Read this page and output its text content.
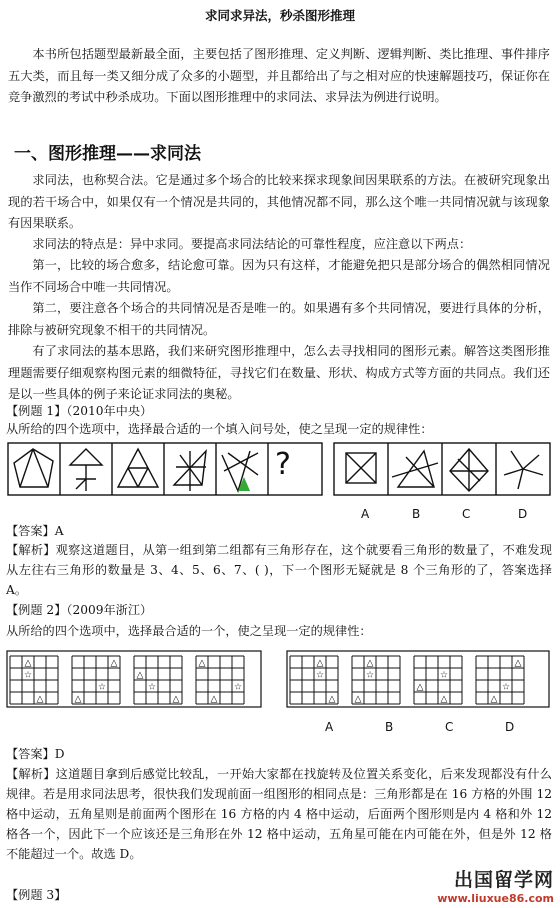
求同求异法，秒杀图形推理

本书所包括题型最新最全面，主要包括了图形推理、定义判断、逻辑判断、类比推理、事件排序五大类，而且每一类又细分成了众多的小题型，并且都给出了与之相对应的快速解题技巧，保证你在竞争激烈的考试中秒杀成功。下面以图形推理中的求同法、求异法为例进行说明。

一、图形推理——求同法

求同法，也称契合法。它是通过多个场合的比较来探求现象间因果联系的方法。在被研究现象出现的若干场合中，如果仅有一个情况是共同的，其他情况都不同，那么这个唯一共同情况就与该现象有因果联系。

求同法的特点是：异中求同。要提高求同法结论的可靠性程度，应注意以下两点：

第一，比较的场合愈多，结论愈可靠。因为只有这样，才能避免把只是部分场合的偶然相同情况当作不同场合中唯一共同情况。

第二，要注意各个场合的共同情况是否是唯一的。如果遇有多个共同情况，要进行具体的分析，排除与被研究现象不相干的共同情况。

有了求同法的基本思路，我们来研究图形推理中，怎么去寻找相同的图形元素。解答这类图形推理题需要仔细观察构图元素的细微特征，寻找它们在数量、形状、构成方式等方面的共同点。我们还是以一些具体的例子来论证求同法的奥秘。

【例题 1】（2010年中央）
从所给的四个选项中，选择最合适的一个填入问号处，使之呈现一定的规律性：
?
A	B	C	D
【答案】A
【解析】观察这道题目，从第一组到第二组都有三角形存在，这个就要看三角形的数量了，不难发现从左往右三角形的数量是 3、4、5、6、7、( )，下一个图形无疑就是 8 个三角形的了，答案选择 A。
【例题 2】（2009年浙江）
从所给的四个选项中，选择最合适的一个，使之呈现一定的规律性：
△
☆
△
△
☆
△
△
☆
△
△
☆
△
△
☆
△
△
☆
△
△
☆
△
△
☆
△
A	B	C	D
【答案】D
【解析】这道题目拿到后感觉比较乱，一开始大家都在找旋转及位置关系变化，后来发现都没有什么规律。若是用求同法思考，很快我们发现前面一组图形的相同点是：三角形都是在 16 方格的外围 12 格中运动，五角星则是前面两个图形在 16 方格的内 4 格中运动，后面两个图形则是内 4 格和外 12 格各一个，因此下一个应该还是三角形在外 12 格中运动，五角星可能在内可能在外，但是外 12 格不能超过一个。故选 D。
【例题 3】
出国留学网
www.liuxue86.com
